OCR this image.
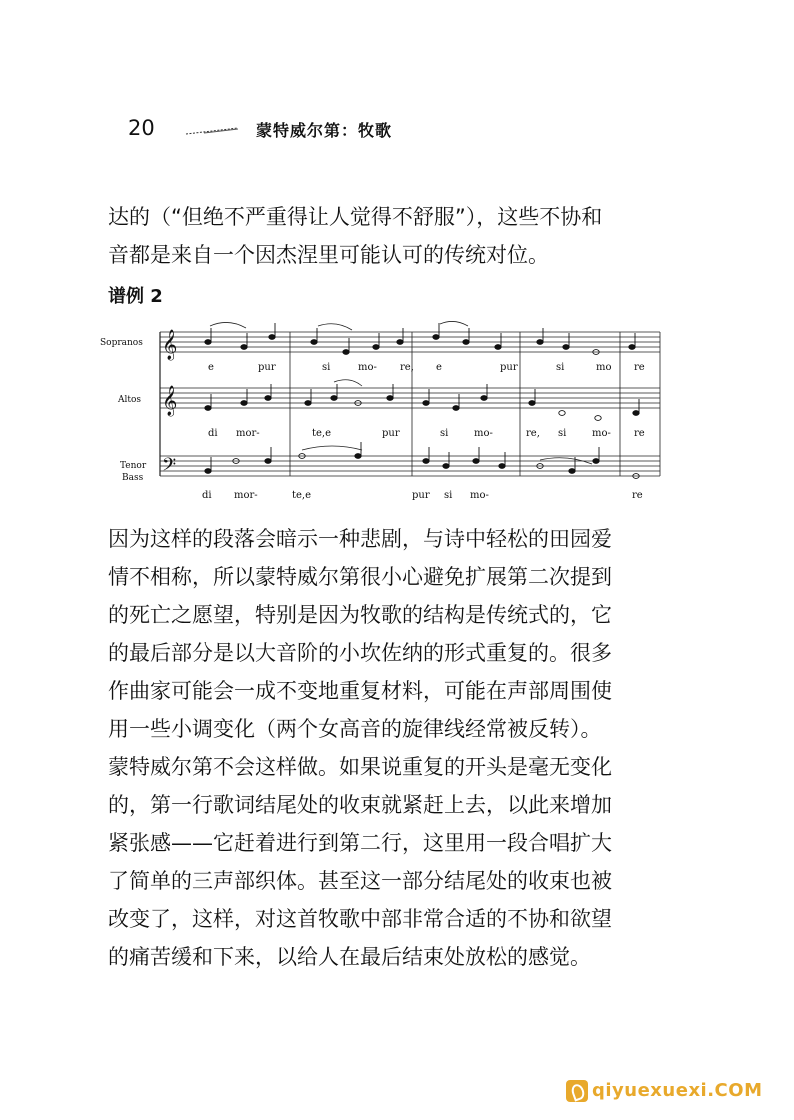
20	蒙特威尔第：牧歌

达的（“但绝不严重得让人觉得不舒服”），这些不协和

音都是来自一个因杰涅里可能认可的传统对位。

谱例 2
𝄞
𝄞
𝄢
Sopranos
Altos
Tenor
Bass
e	pur	si	mo- re, e	pur	si	mo re
di mor-	te,e	pur	si	mo-	re, si	mo- re
di mor-	te,e	pur si mo-	re

因为这样的段落会暗示一种悲剧，与诗中轻松的田园爱

情不相称，所以蒙特威尔第很小心避免扩展第二次提到

的死亡之愿望，特别是因为牧歌的结构是传统式的，它

的最后部分是以大音阶的小坎佐纳的形式重复的。很多

作曲家可能会一成不变地重复材料，可能在声部周围使

用一些小调变化（两个女高音的旋律线经常被反转）。

蒙特威尔第不会这样做。如果说重复的开头是毫无变化

的，第一行歌词结尾处的收束就紧赶上去，以此来增加

紧张感——它赶着进行到第二行，这里用一段合唱扩大

了简单的三声部织体。甚至这一部分结尾处的收束也被

改变了，这样，对这首牧歌中部非常合适的不协和欲望

的痛苦缓和下来，以给人在最后结束处放松的感觉。

qiyuexuexi.COM
